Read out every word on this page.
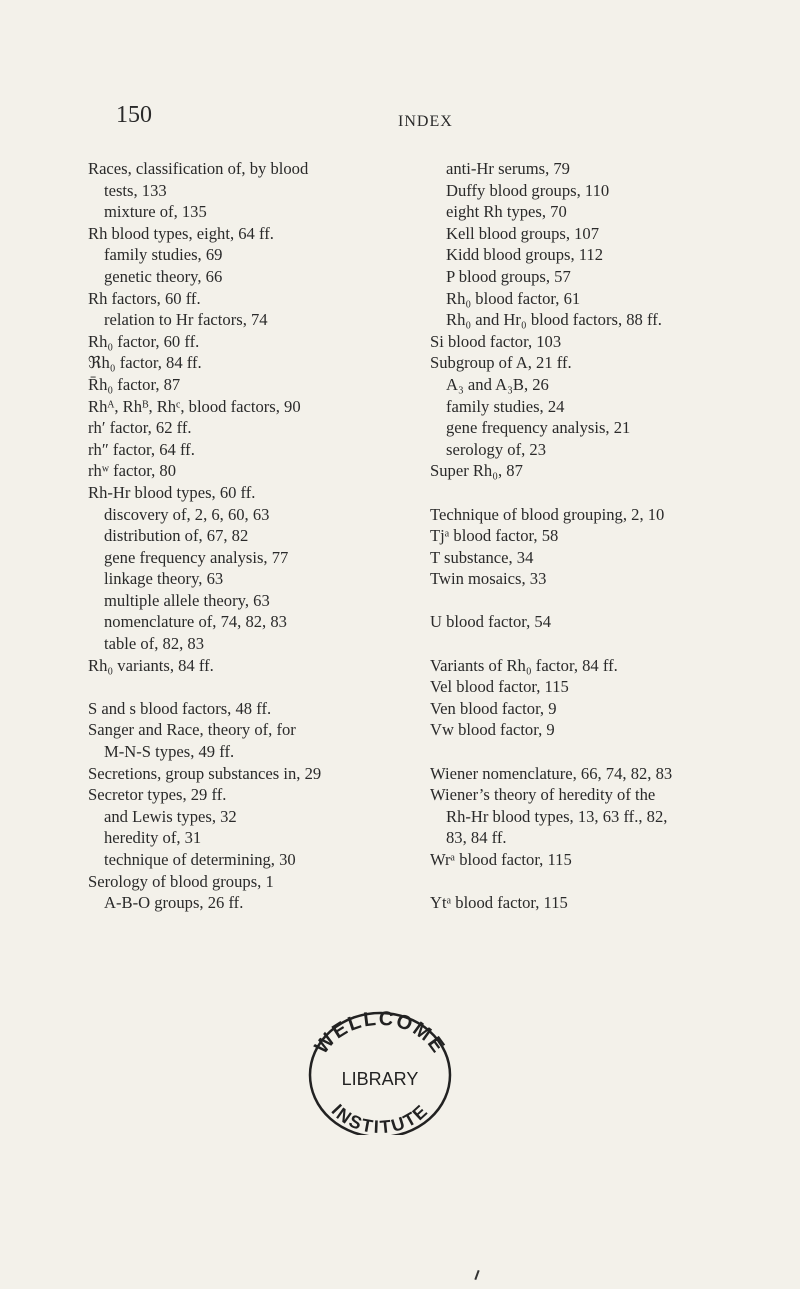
150	INDEX
Races, classification of, by blood
tests, 133
mixture of, 135
Rh blood types, eight, 64 ff.
family studies, 69
genetic theory, 66
Rh factors, 60 ff.
relation to Hr factors, 74
Rh₀ factor, 60 ff.
ℜh₀ factor, 84 ff.
R̄h₀ factor, 87
Rhᴬ, Rhᴮ, Rhᶜ, blood factors, 90
rh′ factor, 62 ff.
rh″ factor, 64 ff.
rhʷ factor, 80
Rh-Hr blood types, 60 ff.
discovery of, 2, 6, 60, 63
distribution of, 67, 82
gene frequency analysis, 77
linkage theory, 63
multiple allele theory, 63
nomenclature of, 74, 82, 83
table of, 82, 83
Rh₀ variants, 84 ff.
S and s blood factors, 48 ff.
Sanger and Race, theory of, for
M-N-S types, 49 ff.
Secretions, group substances in, 29
Secretor types, 29 ff.
and Lewis types, 32
heredity of, 31
technique of determining, 30
Serology of blood groups, 1
A-B-O groups, 26 ff.
anti-Hr serums, 79
Duffy blood groups, 110
eight Rh types, 70
Kell blood groups, 107
Kidd blood groups, 112
P blood groups, 57
Rh₀ blood factor, 61
Rh₀ and Hr₀ blood factors, 88 ff.
Si blood factor, 103
Subgroup of A, 21 ff.
A₃ and A₃B, 26
family studies, 24
gene frequency analysis, 21
serology of, 23
Super Rh₀, 87
Technique of blood grouping, 2, 10
Tjᵃ blood factor, 58
T substance, 34
Twin mosaics, 33
U blood factor, 54
Variants of Rh₀ factor, 84 ff.
Vel blood factor, 115
Ven blood factor, 9
Vw blood factor, 9
Wiener nomenclature, 66, 74, 82, 83
Wiener’s theory of heredity of the
Rh-Hr blood types, 13, 63 ff., 82,
83, 84 ff.
Wrᵃ blood factor, 115
Ytᵃ blood factor, 115
WELLCOME
LIBRARY
INSTITUTE
